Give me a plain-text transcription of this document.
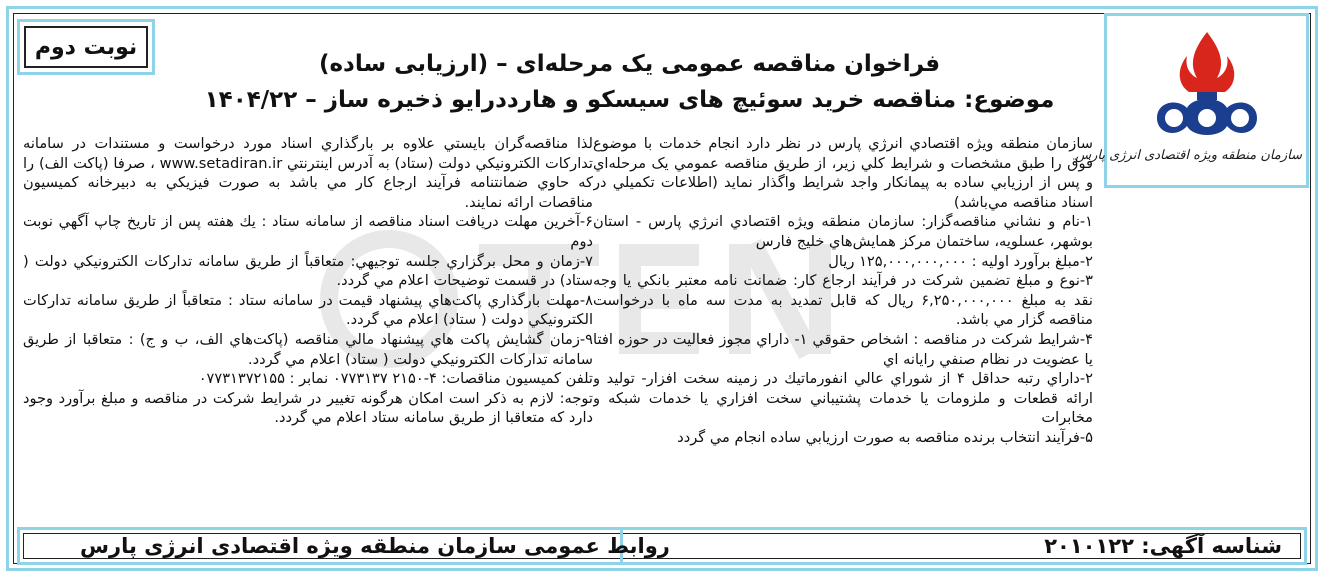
سازمان منطقه ویژه اقتصادی انرژی پارس
نوبت دوم
فراخوان مناقصه عمومی یک مرحله‌ای – (ارزیابی ساده)
موضوع: مناقصه خرید سوئیچ های سیسکو و هارددرایو ذخیره ساز – ۱۴۰۴/۲۲

سازمان منطقه ویژه اقتصادي انرژي پارس در نظر دارد انجام خدمات با موضوع فوق را طبق مشخصات و شرایط كلي زیر، از طریق مناقصه عمومي یک مرحله‌اي و پس از ارزیابي ساده به پیمانكار واجد شرایط واگذار نماید (اطلاعات تكمیلي در اسناد مناقصه مي‌باشد)

۱-نام و نشاني مناقصه‌گزار: سازمان منطقه ویژه اقتصادي انرژي پارس - استان بوشهر، عسلویه، ساختمان مركز همایش‌هاي خلیج فارس

۲-مبلغ برآورد اولیه : ۱۲۵,۰۰۰,۰۰۰,۰۰۰ ریال

۳-نوع و مبلغ تضمین شركت در فرآیند ارجاع كار: ضمانت نامه معتبر بانكي یا وجه نقد به مبلغ ۶,۲۵۰,۰۰۰,۰۰۰ ریال كه قابل تمدید به مدت سه ماه با درخواست مناقصه گزار مي باشد.

۴-شرایط شركت در مناقصه : اشخاص حقوقي ۱- داراي مجوز فعالیت در حوزه افتا یا عضویت در نظام صنفي رایانه اي

۲-داراي رتبه حداقل ۴ از شوراي عالي انفورماتیك در زمینه سخت افزار- تولید و ارائه قطعات و ملزومات یا خدمات پشتیباني سخت افزاري یا خدمات شبكه و مخابرات

۵-فرآیند انتخاب برنده مناقصه به صورت ارزیابي ساده انجام مي گردد

لذا مناقصه‌گران بایستي علاوه بر بارگذاري اسناد مورد درخواست و مستندات در سامانه تداركات الكترونیكي دولت (ستاد) به آدرس اینترنتي www.setadiran.ir ، صرفا (پاكت الف) را كه حاوي ضمانتنامه فرآیند ارجاع كار مي باشد به صورت فیزیكي به دبیرخانه كمیسیون مناقصات ارائه نمایند.

۶-آخرین مهلت دریافت اسناد مناقصه از سامانه ستاد : یك هفته پس از تاریخ چاپ آگهي نوبت دوم

۷-زمان و محل برگزاري جلسه توجیهي: متعاقباً از طریق سامانه تداركات الكترونیكي دولت ( ستاد) در قسمت توضیحات اعلام مي گردد.

۸-مهلت بارگذاري پاكت‌هاي پیشنهاد قیمت در سامانه ستاد : متعاقباً از طریق سامانه تداركات الكترونیكي دولت ( ستاد) اعلام مي گردد.

۹-زمان گشایش پاكت هاي پیشنهاد مالي مناقصه (پاكت‌هاي الف، ب و ج) : متعاقبا از طریق سامانه تداركات الكترونیكي دولت ( ستاد) اعلام مي گردد.

تلفن كمیسیون مناقصات: ۴-۲۱۵۰ ۰۷۷۳۱۳۷ نمابر : ۰۷۷۳۱۳۷۲۱۵۵

توجه: لازم به ذكر است امكان هرگونه تغییر در شرایط شركت در مناقصه و مبلغ برآورد وجود دارد كه متعاقبا از طریق سامانه ستاد اعلام مي گردد.

شناسه آگهی: ۲۰۱۰۱۲۲
روابط عمومی سازمان منطقه ویژه اقتصادی انرژی پارس
